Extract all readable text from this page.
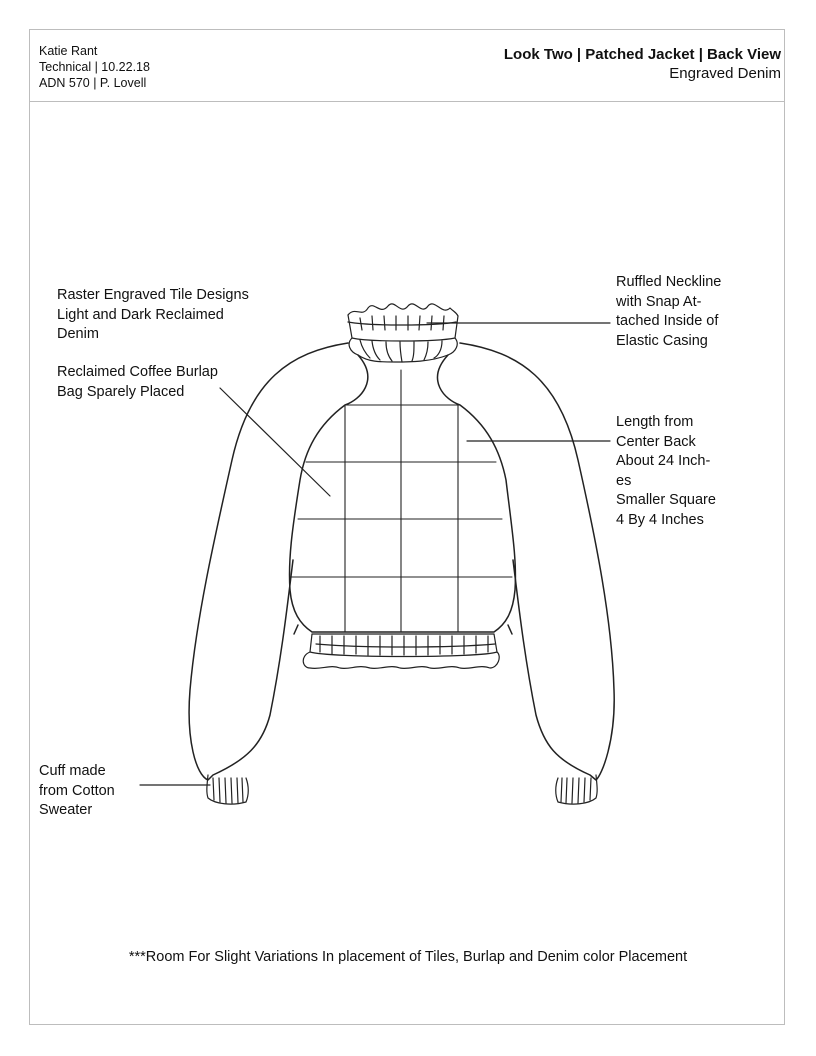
Katie Rant
Technical | 10.22.18
ADN 570 | P. Lovell
Look Two | Patched Jacket | Back View
Engraved Denim
Raster Engraved Tile Designs
Light and Dark Reclaimed
Denim
Reclaimed Coffee Burlap
Bag Sparely Placed
Ruffled Neckline
with Snap At-
tached Inside of
Elastic Casing
Length from
Center Back
About 24 Inch-
es
Smaller Square
4 By 4 Inches
Cuff made
from Cotton
Sweater
***Room For Slight Variations In placement of Tiles, Burlap and Denim color Placement
